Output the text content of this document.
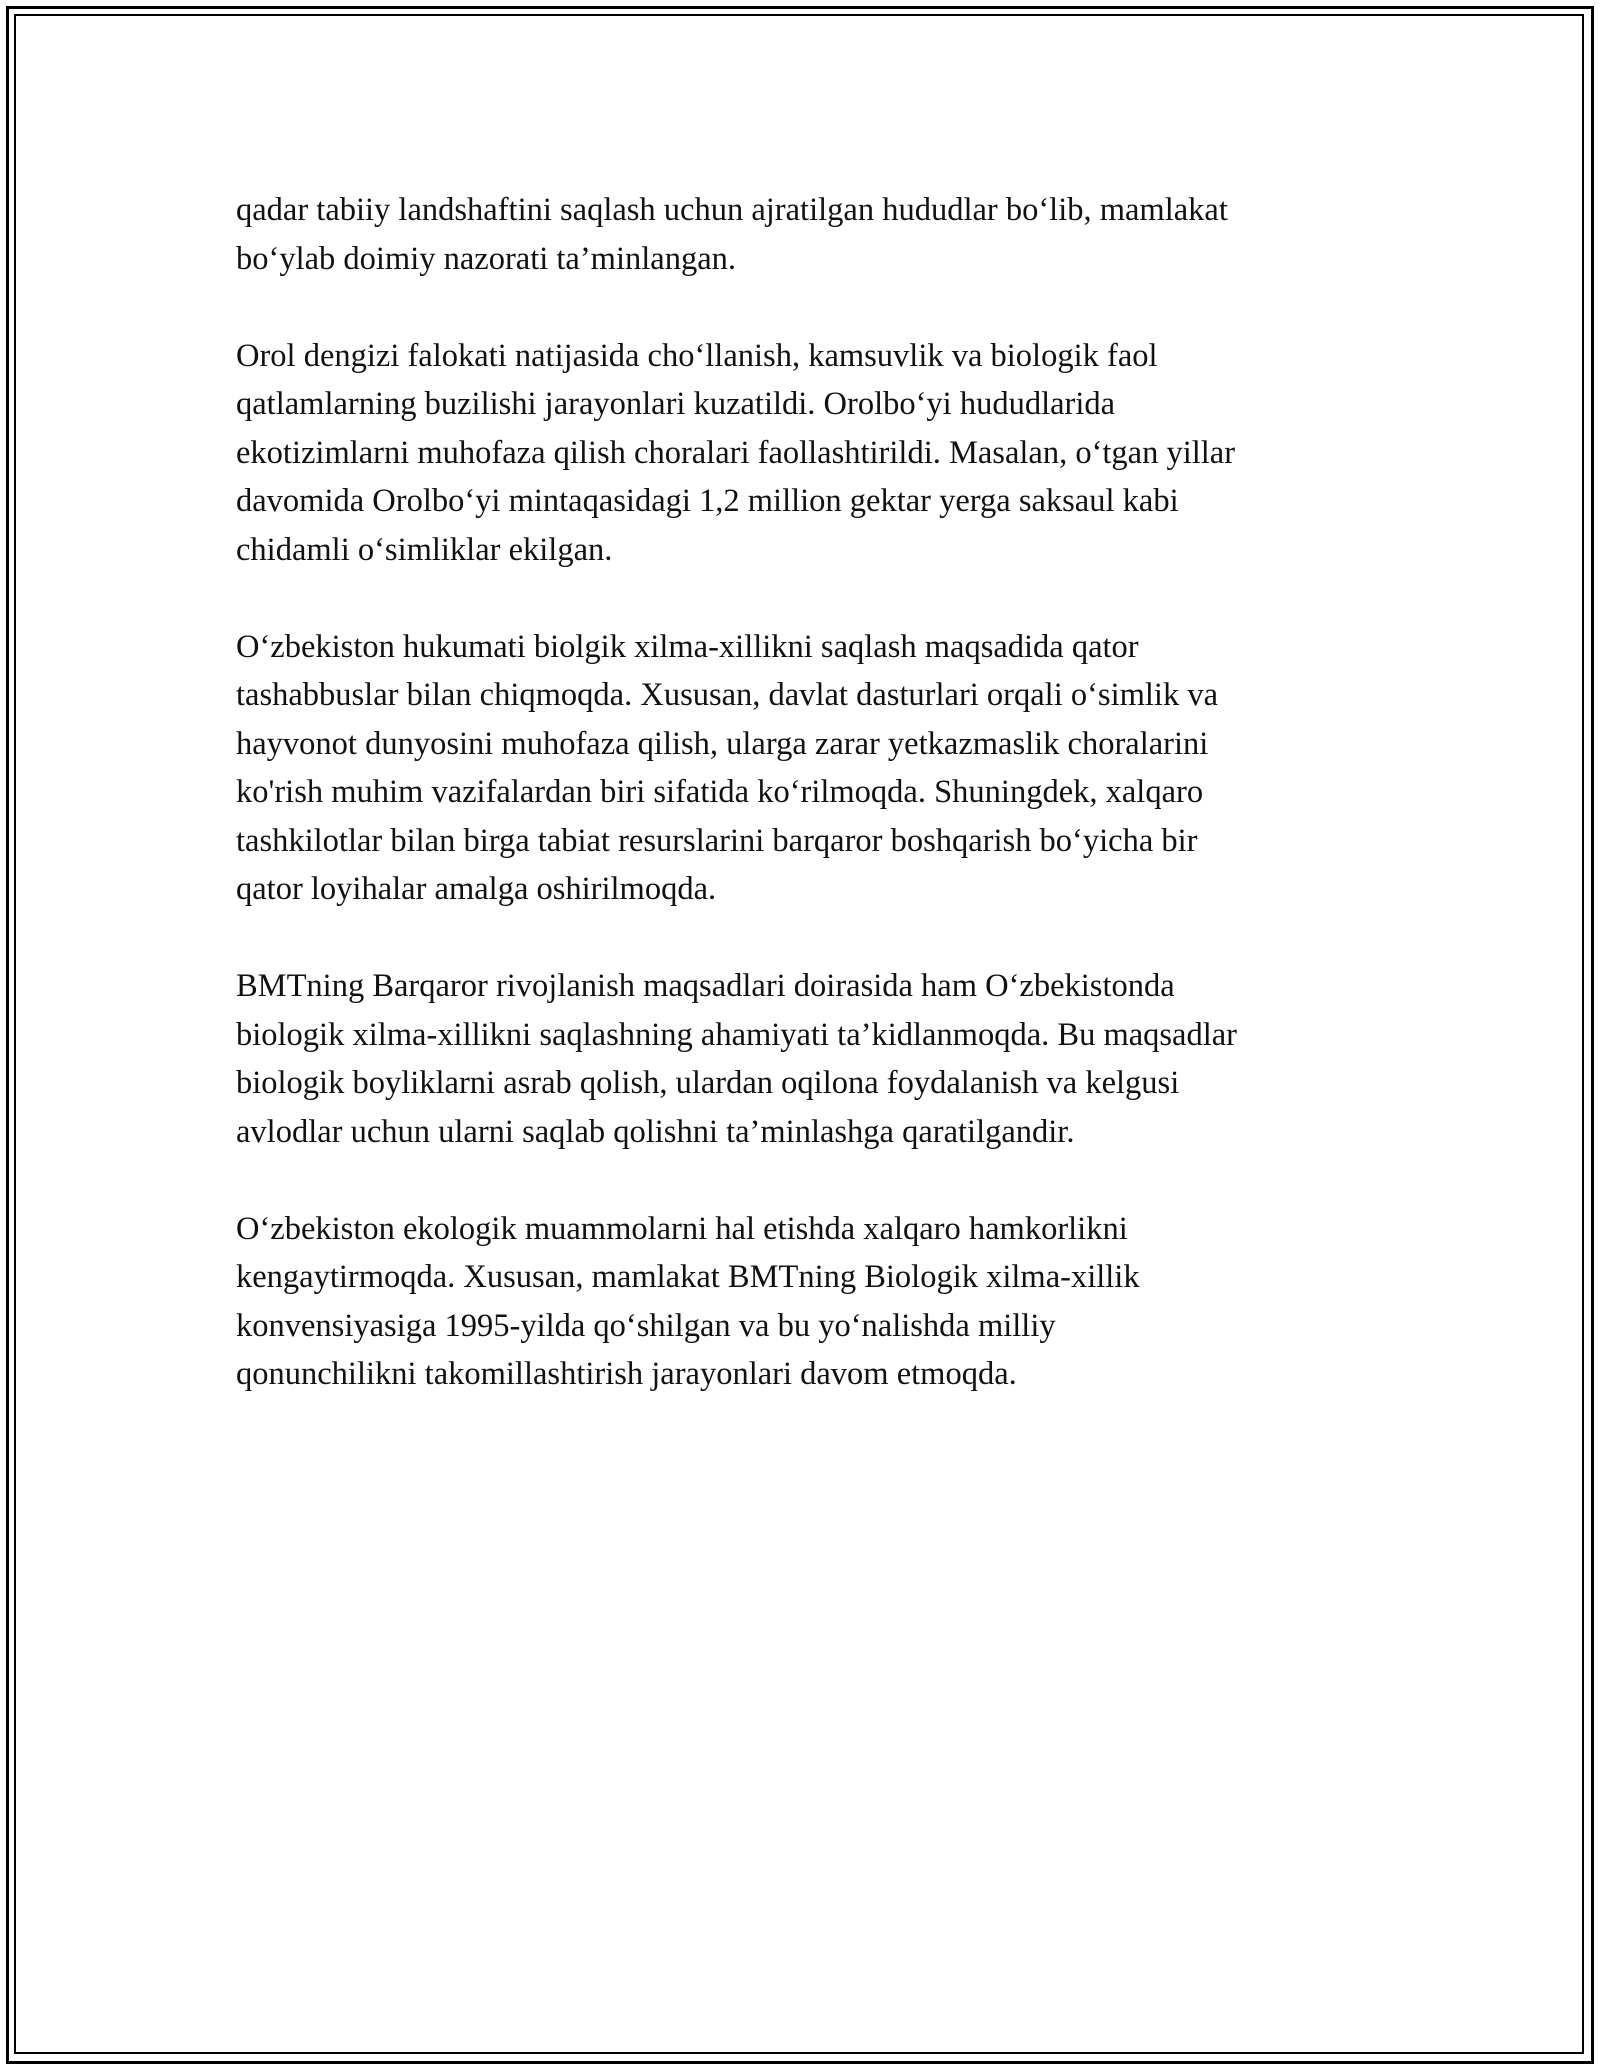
qadar tabiiy landshaftini saqlash uchun ajratilgan hududlar bo‘lib, mamlakat
bo‘ylab doimiy nazorati ta’minlangan.

Orol dengizi falokati natijasida cho‘llanish, kamsuvlik va biologik faol
qatlamlarning buzilishi jarayonlari kuzatildi. Orolbo‘yi hududlarida
ekotizimlarni muhofaza qilish choralari faollashtirildi. Masalan, o‘tgan yillar
davomida Orolbo‘yi mintaqasidagi 1,2 million gektar yerga saksaul kabi
chidamli o‘simliklar ekilgan.

O‘zbekiston hukumati biolgik xilma-xillikni saqlash maqsadida qator
tashabbuslar bilan chiqmoqda. Xususan, davlat dasturlari orqali o‘simlik va
hayvonot dunyosini muhofaza qilish, ularga zarar yetkazmaslik choralarini
ko'rish muhim vazifalardan biri sifatida ko‘rilmoqda. Shuningdek, xalqaro
tashkilotlar bilan birga tabiat resurslarini barqaror boshqarish bo‘yicha bir
qator loyihalar amalga oshirilmoqda.

BMTning Barqaror rivojlanish maqsadlari doirasida ham O‘zbekistonda
biologik xilma-xillikni saqlashning ahamiyati ta’kidlanmoqda. Bu maqsadlar
biologik boyliklarni asrab qolish, ulardan oqilona foydalanish va kelgusi
avlodlar uchun ularni saqlab qolishni ta’minlashga qaratilgandir.

O‘zbekiston ekologik muammolarni hal etishda xalqaro hamkorlikni
kengaytirmoqda. Xususan, mamlakat BMTning Biologik xilma-xillik
konvensiyasiga 1995-yilda qo‘shilgan va bu yo‘nalishda milliy
qonunchilikni takomillashtirish jarayonlari davom etmoqda.
